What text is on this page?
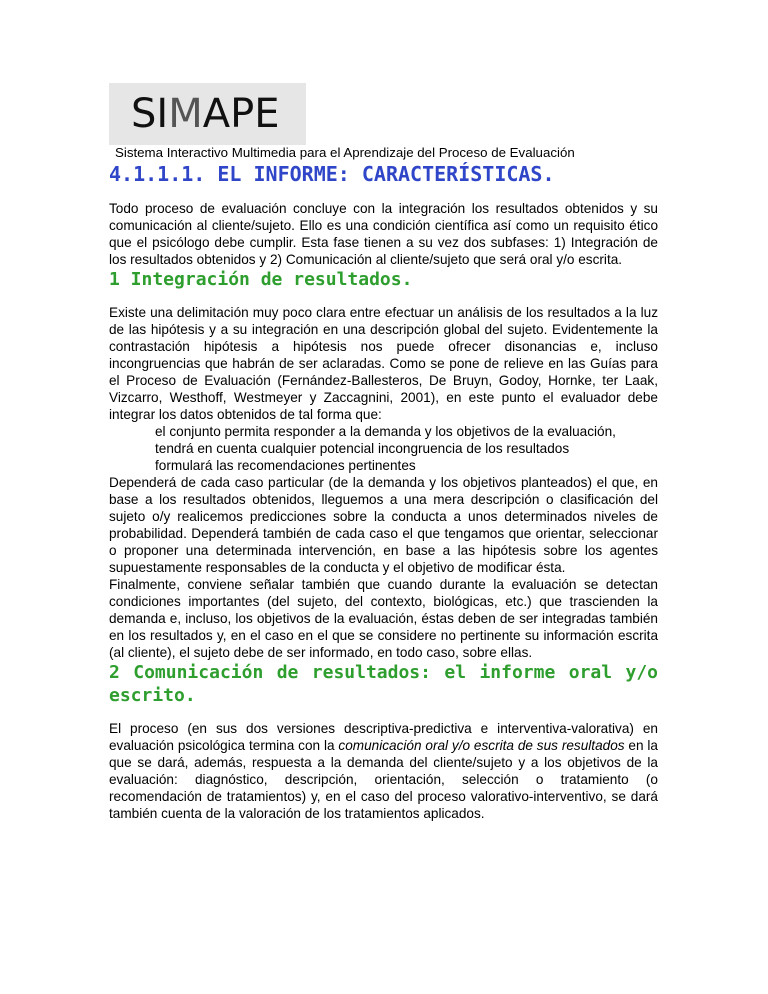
SIMAPE
Sistema Interactivo Multimedia para el Aprendizaje del Proceso de Evaluación
4.1.1.1. EL INFORME: CARACTERÍSTICAS.

Todo proceso de evaluación concluye con la integración los resultados obtenidos y su comunicación al cliente/sujeto. Ello es una condición científica así como un requisito ético que el psicólogo debe cumplir. Esta fase tienen a su vez dos subfases: 1) Integración de los resultados obtenidos y 2) Comunicación al cliente/sujeto que será oral y/o escrita.

1 Integración de resultados.

Existe una delimitación muy poco clara entre efectuar un análisis de los resultados a la luz de las hipótesis y a su integración en una descripción global del sujeto. Evidentemente la contrastación hipótesis a hipótesis nos puede ofrecer disonancias e, incluso incongruencias que habrán de ser aclaradas. Como se pone de relieve en las Guías para el Proceso de Evaluación (Fernández-Ballesteros, De Bruyn, Godoy, Hornke, ter Laak, Vizcarro, Westhoff, Westmeyer y Zaccagnini, 2001), en este punto el evaluador debe integrar los datos obtenidos de tal forma que:

el conjunto permita responder a la demanda y los objetivos de la evaluación,
tendrá en cuenta cualquier potencial incongruencia de los resultados
formulará las recomendaciones pertinentes

Dependerá de cada caso particular (de la demanda y los objetivos planteados) el que, en base a los resultados obtenidos, lleguemos a una mera descripción o clasificación del sujeto o/y realicemos predicciones sobre la conducta a unos determinados niveles de probabilidad. Dependerá también de cada caso el que tengamos que orientar, seleccionar o proponer una determinada intervención, en base a las hipótesis sobre los agentes supuestamente responsables de la conducta y el objetivo de modificar ésta.

Finalmente, conviene señalar también que cuando durante la evaluación se detectan condiciones importantes (del sujeto, del contexto, biológicas, etc.) que trascienden la demanda e, incluso, los objetivos de la evaluación, éstas deben de ser integradas también en los resultados y, en el caso en el que se considere no pertinente su información escrita (al cliente), el sujeto debe de ser informado, en todo caso, sobre ellas.

2 Comunicación de resultados: el informe oral y/o escrito.

El proceso (en sus dos versiones descriptiva-predictiva e interventiva-valorativa) en evaluación psicológica termina con la comunicación oral y/o escrita de sus resultados en la que se dará, además, respuesta a la demanda del cliente/sujeto y a los objetivos de la evaluación: diagnóstico, descripción, orientación, selección o tratamiento (o recomendación de tratamientos) y, en el caso del proceso valorativo-interventivo, se dará también cuenta de la valoración de los tratamientos aplicados.
